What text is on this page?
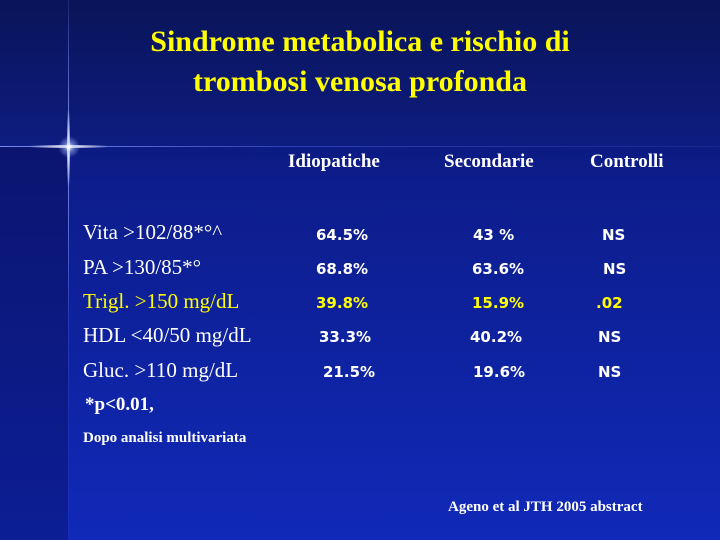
Sindrome metabolica e rischio di
trombosi venosa profonda
Idiopatiche	Secondarie	Controlli
Vita >102/88*°^	64.5%	43 %	NS
PA >130/85*°	68.8%	63.6%	NS
Trigl. >150 mg/dL	39.8%	15.9%	.02
HDL <40/50 mg/dL	33.3%	40.2%	NS
Gluc. >110 mg/dL	21.5%	19.6%	NS
*p<0.01,
Dopo analisi multivariata
Ageno et al JTH 2005 abstract
